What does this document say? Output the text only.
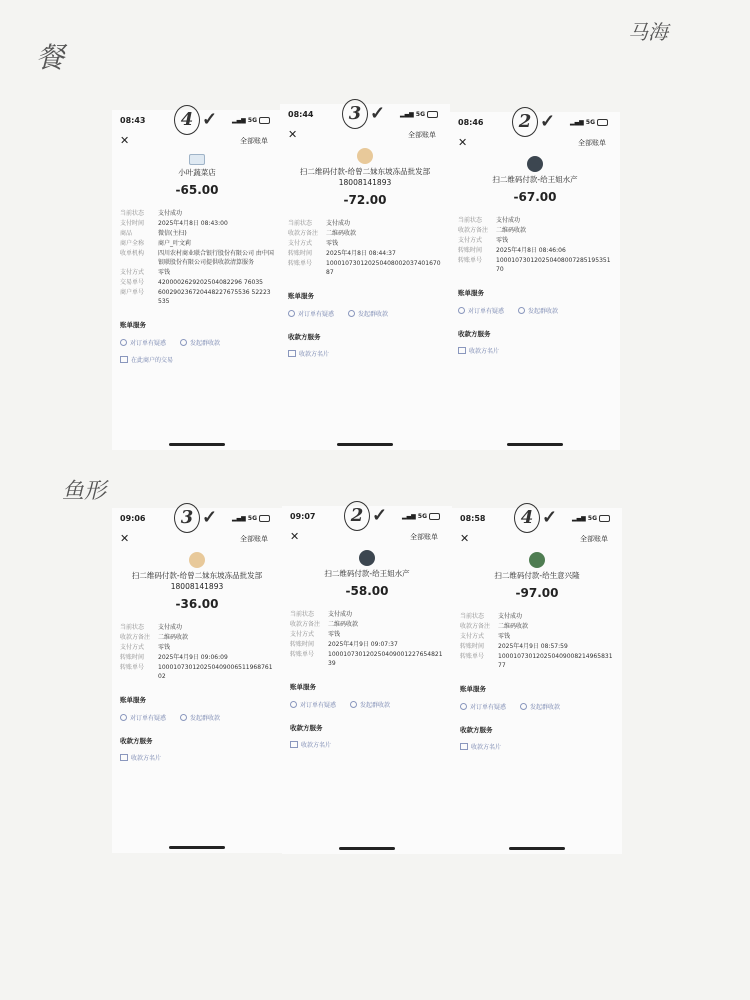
餐
马海
鱼形
08:43	▂▄▆ 5G
4 ✓
✕	全部账单
小叶蔬菜店
-65.00
当前状态	支付成功
支付时间	2025年4月8日 08:43:00
商品	微信(主扫)
商户全称	商户_叶文莉
收单机构	四川农村商业联合银行股份有限公司 由中国银联股份有限公司提供收款清算服务
支付方式	零钱
交易单号	4200002629202504082296 76035
商户单号	600290236720448227675536 52223535
账单服务
对订单有疑惑	发起群收款
在此商户的交易
08:44	▂▄▆ 5G
3 ✓
✕	全部账单
扫二维码付款-给曾二妹东坡冻品批发部 18008141893
-72.00
当前状态	支付成功
收款方备注	二维码收款
支付方式	零钱
转账时间	2025年4月8日 08:44:37
转账单号	10001073012025040800203740167087
账单服务
对订单有疑惑	发起群收款
收款方服务
收款方名片
08:46	▂▄▆ 5G
2 ✓
✕	全部账单
扫二维码付款-给王姐水产
-67.00
当前状态	支付成功
收款方备注	二维码收款
支付方式	零钱
转账时间	2025年4月8日 08:46:06
转账单号	10001073012025040800728519535170
账单服务
对订单有疑惑	发起群收款
收款方服务
收款方名片
09:06	▂▄▆ 5G
3 ✓
✕	全部账单
扫二维码付款-给曾二妹东坡冻品批发部 18008141893
-36.00
当前状态	支付成功
收款方备注	二维码收款
支付方式	零钱
转账时间	2025年4月9日 09:06:09
转账单号	10001073012025040900651196876102
账单服务
对订单有疑惑	发起群收款
收款方服务
收款方名片
09:07	▂▄▆ 5G
2 ✓
✕	全部账单
扫二维码付款-给王姐水产
-58.00
当前状态	支付成功
收款方备注	二维码收款
支付方式	零钱
转账时间	2025年4月9日 09:07:37
转账单号	10001073012025040900122765482139
账单服务
对订单有疑惑	发起群收款
收款方服务
收款方名片
08:58	▂▄▆ 5G
4 ✓
✕	全部账单
扫二维码付款-给生意兴隆
-97.00
当前状态	支付成功
收款方备注	二维码收款
支付方式	零钱
转账时间	2025年4月9日 08:57:59
转账单号	10001073012025040900821496583177
账单服务
对订单有疑惑	发起群收款
收款方服务
收款方名片
